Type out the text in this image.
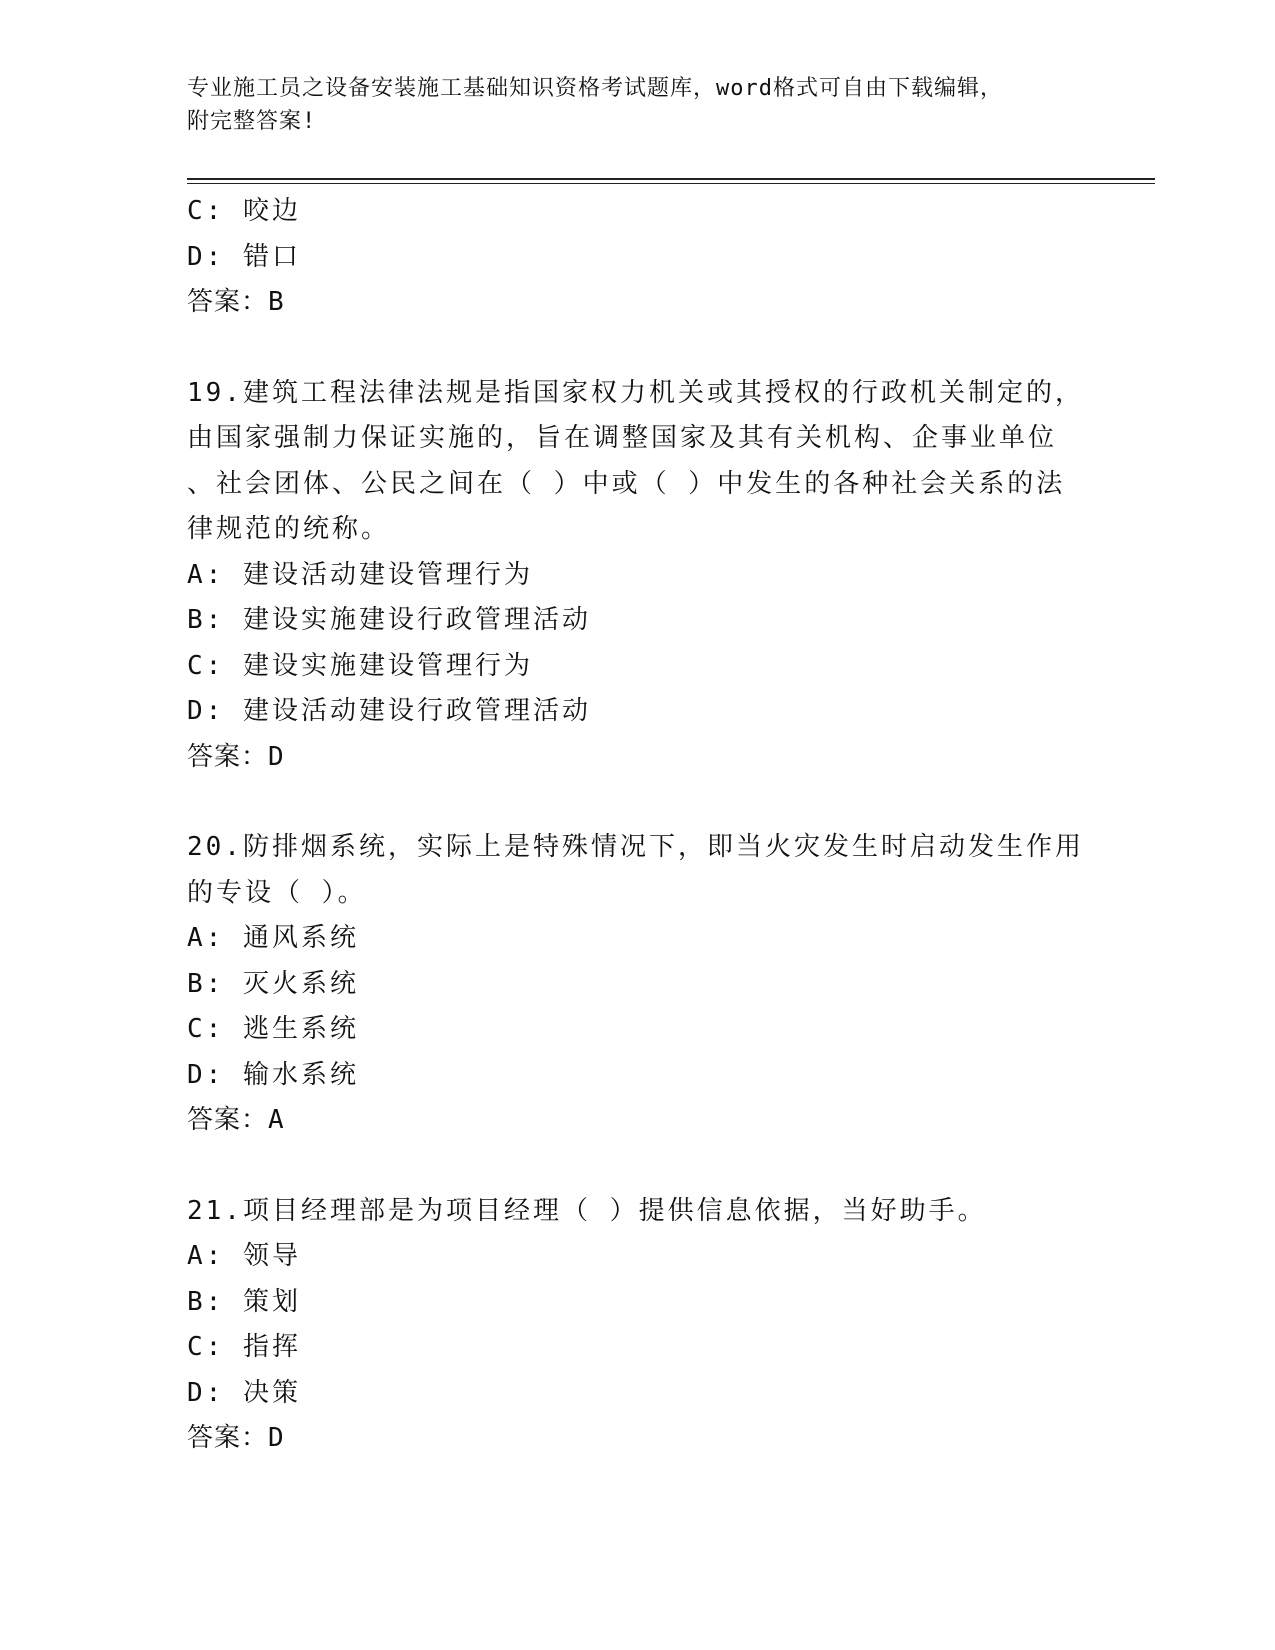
专业施工员之设备安装施工基础知识资格考试题库，word格式可自由下载编辑，
附完整答案!
C: 咬边
D: 错口
答案：B
19.建筑工程法律法规是指国家权力机关或其授权的行政机关制定的，
由国家强制力保证实施的，旨在调整国家及其有关机构、企事业单位
、社会团体、公民之间在（ ）中或（ ）中发生的各种社会关系的法
律规范的统称。
A: 建设活动建设管理行为
B: 建设实施建设行政管理活动
C: 建设实施建设管理行为
D: 建设活动建设行政管理活动
答案：D
20.防排烟系统，实际上是特殊情况下，即当火灾发生时启动发生作用
的专设（ ）。
A: 通风系统
B: 灭火系统
C: 逃生系统
D: 输水系统
答案：A
21.项目经理部是为项目经理（ ）提供信息依据，当好助手。
A: 领导
B: 策划
C: 指挥
D: 决策
答案：D
